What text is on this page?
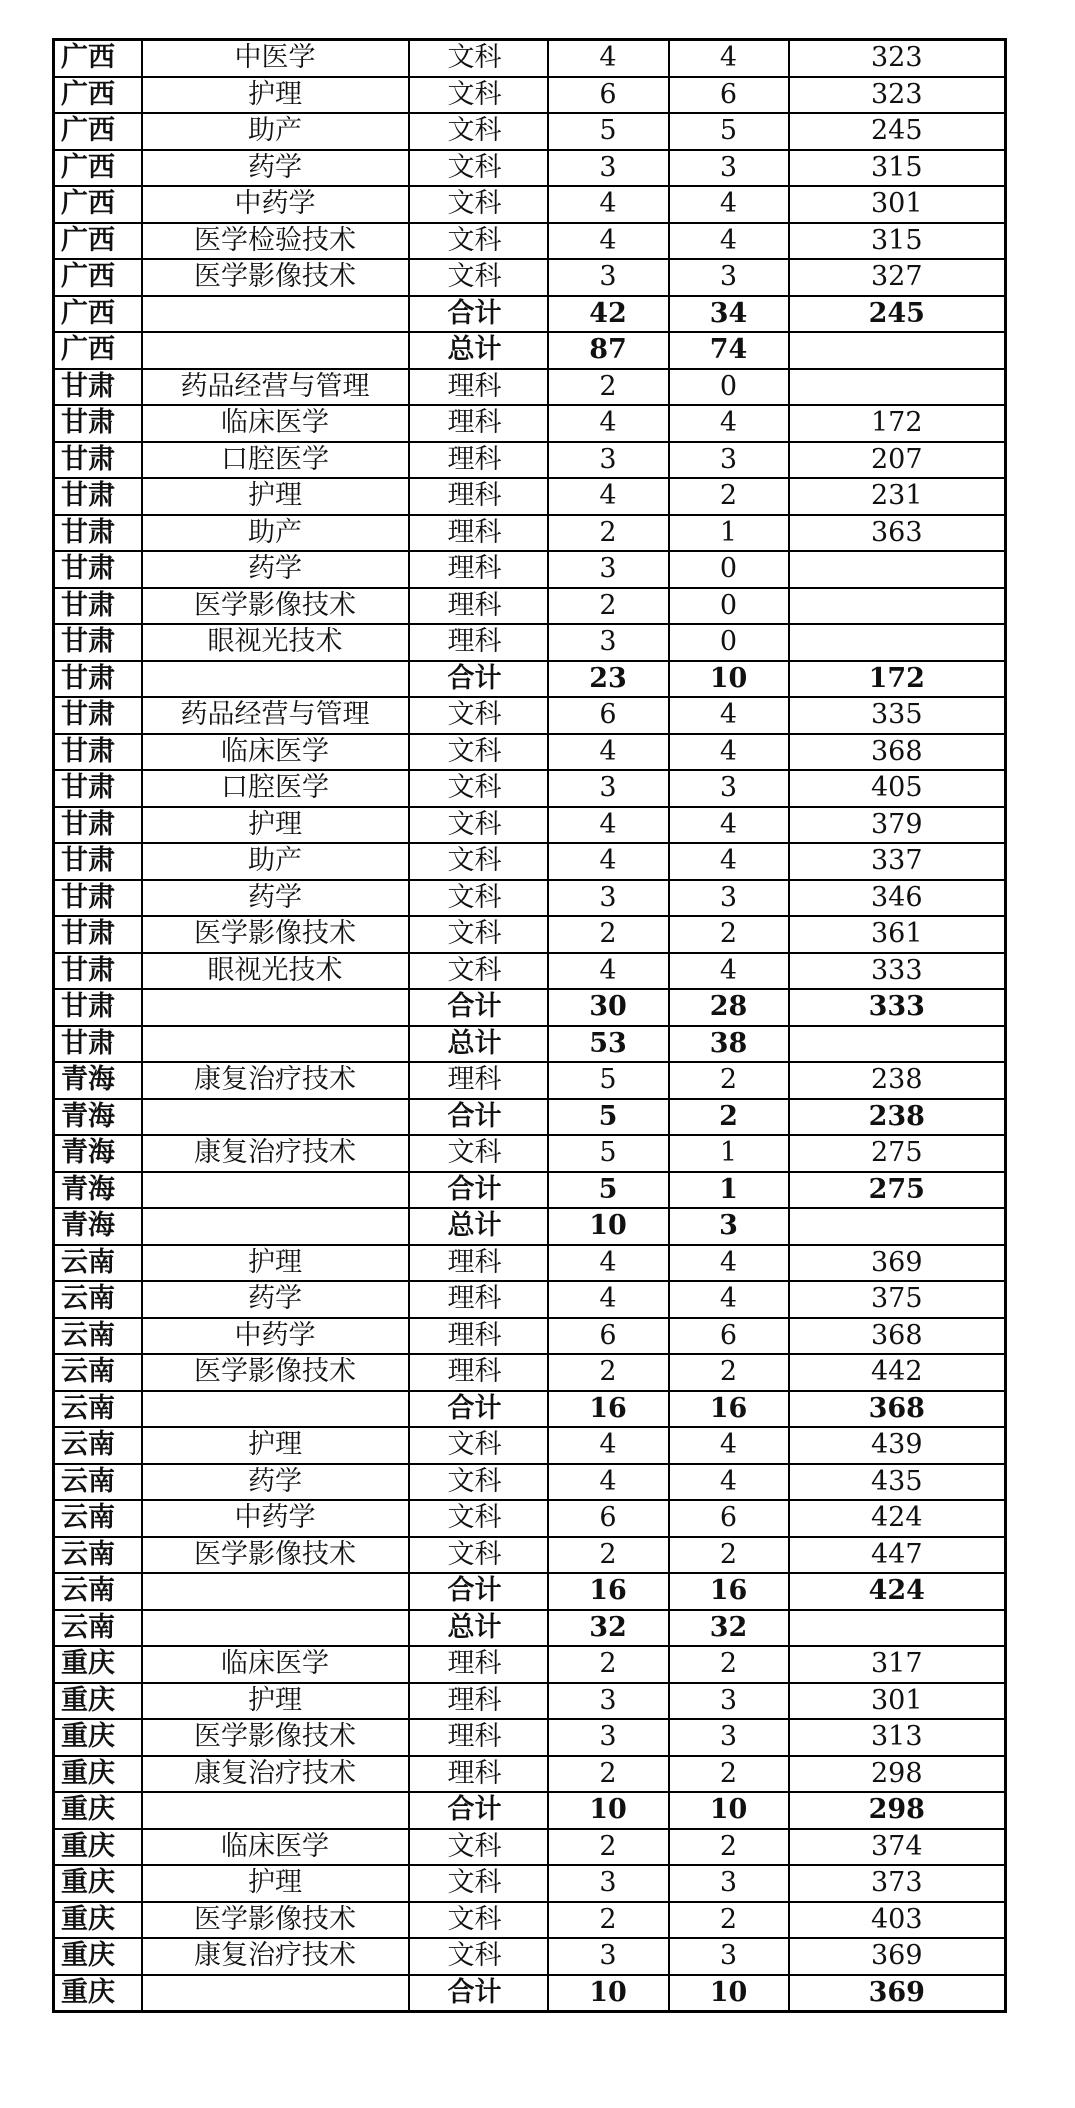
广西	中医学	文科	4	4	323
广西	护理	文科	6	6	323
广西	助产	文科	5	5	245
广西	药学	文科	3	3	315
广西	中药学	文科	4	4	301
广西	医学检验技术	文科	4	4	315
广西	医学影像技术	文科	3	3	327
广西		合计	42	34	245
广西		总计	87	74	
甘肃	药品经营与管理	理科	2	0	
甘肃	临床医学	理科	4	4	172
甘肃	口腔医学	理科	3	3	207
甘肃	护理	理科	4	2	231
甘肃	助产	理科	2	1	363
甘肃	药学	理科	3	0	
甘肃	医学影像技术	理科	2	0	
甘肃	眼视光技术	理科	3	0	
甘肃		合计	23	10	172
甘肃	药品经营与管理	文科	6	4	335
甘肃	临床医学	文科	4	4	368
甘肃	口腔医学	文科	3	3	405
甘肃	护理	文科	4	4	379
甘肃	助产	文科	4	4	337
甘肃	药学	文科	3	3	346
甘肃	医学影像技术	文科	2	2	361
甘肃	眼视光技术	文科	4	4	333
甘肃		合计	30	28	333
甘肃		总计	53	38	
青海	康复治疗技术	理科	5	2	238
青海		合计	5	2	238
青海	康复治疗技术	文科	5	1	275
青海		合计	5	1	275
青海		总计	10	3	
云南	护理	理科	4	4	369
云南	药学	理科	4	4	375
云南	中药学	理科	6	6	368
云南	医学影像技术	理科	2	2	442
云南		合计	16	16	368
云南	护理	文科	4	4	439
云南	药学	文科	4	4	435
云南	中药学	文科	6	6	424
云南	医学影像技术	文科	2	2	447
云南		合计	16	16	424
云南		总计	32	32	
重庆	临床医学	理科	2	2	317
重庆	护理	理科	3	3	301
重庆	医学影像技术	理科	3	3	313
重庆	康复治疗技术	理科	2	2	298
重庆		合计	10	10	298
重庆	临床医学	文科	2	2	374
重庆	护理	文科	3	3	373
重庆	医学影像技术	文科	2	2	403
重庆	康复治疗技术	文科	3	3	369
重庆		合计	10	10	369
